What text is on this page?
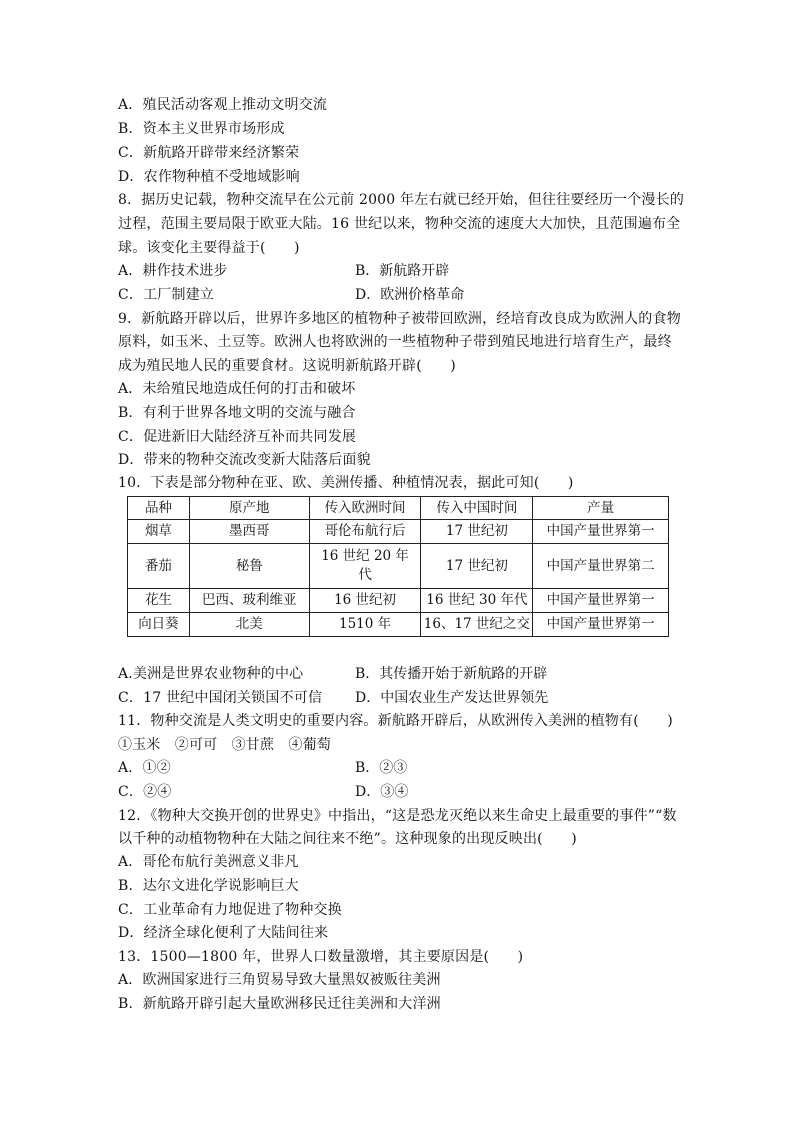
A．殖民活动客观上推动文明交流
B．资本主义世界市场形成
C．新航路开辟带来经济繁荣
D．农作物种植不受地域影响
8．据历史记载，物种交流早在公元前 2000 年左右就已经开始，但往往要经历一个漫长的
过程，范围主要局限于欧亚大陆。16 世纪以来，物种交流的速度大大加快，且范围遍布全
球。该变化主要得益于(　　)
A．耕作技术进步	B．新航路开辟
C．工厂制建立	D．欧洲价格革命
9．新航路开辟以后，世界许多地区的植物种子被带回欧洲，经培育改良成为欧洲人的食物
原料，如玉米、土豆等。欧洲人也将欧洲的一些植物种子带到殖民地进行培育生产，最终
成为殖民地人民的重要食材。这说明新航路开辟(　　)
A．未给殖民地造成任何的打击和破坏
B．有利于世界各地文明的交流与融合
C．促进新旧大陆经济互补而共同发展
D．带来的物种交流改变新大陆落后面貌
10．下表是部分物种在亚、欧、美洲传播、种植情况表，据此可知(　　)
品种	原产地	传入欧洲时间	传入中国时间	产量
烟草	墨西哥	哥伦布航行后	17 世纪初	中国产量世界第一
番茄	秘鲁	16 世纪 20 年代	17 世纪初	中国产量世界第二
花生	巴西、玻利维亚	16 世纪初	16 世纪 30 年代	中国产量世界第一
向日葵	北美	1510 年	16、17 世纪之交	中国产量世界第一
A.美洲是世界农业物种的中心	B．其传播开始于新航路的开辟
C．17 世纪中国闭关锁国不可信 D．中国农业生产发达世界领先
11．物种交流是人类文明史的重要内容。新航路开辟后，从欧洲传入美洲的植物有(　　)
①玉米　②可可　③甘蔗　④葡萄
A．①②	B．②③
C．②④	D．③④
12．《物种大交换开创的世界史》中指出，“这是恐龙灭绝以来生命史上最重要的事件”“数
以千种的动植物物种在大陆之间往来不绝”。这种现象的出现反映出(　　)
A．哥伦布航行美洲意义非凡
B．达尔文进化学说影响巨大
C．工业革命有力地促进了物种交换
D．经济全球化便利了大陆间往来
13．1500—1800 年，世界人口数量激增，其主要原因是(　　)
A．欧洲国家进行三角贸易导致大量黑奴被贩往美洲
B．新航路开辟引起大量欧洲移民迁往美洲和大洋洲
